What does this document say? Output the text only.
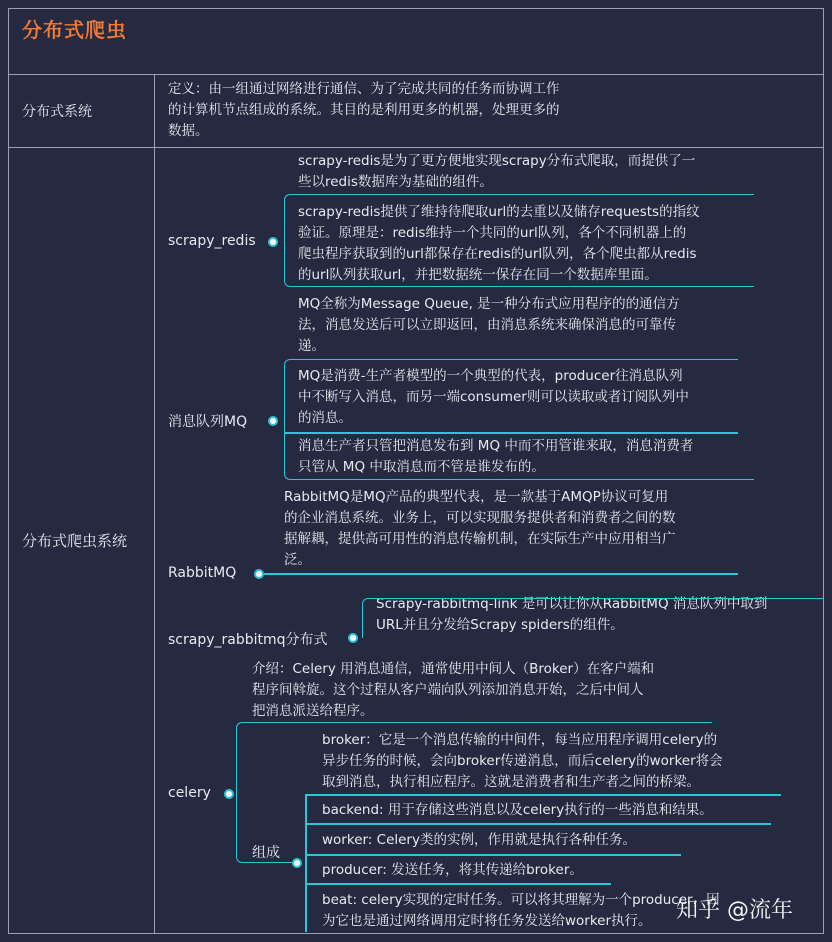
分布式爬虫
分布式系统
定义：由一组通过网络进行通信、为了完成共同的任务而协调工作
的计算机节点组成的系统。其目的是利用更多的机器，处理更多的
数据。
分布式爬虫系统
scrapy_redis
scrapy-redis是为了更方便地实现scrapy分布式爬取，而提供了一
些以redis数据库为基础的组件。
scrapy-redis提供了维持待爬取url的去重以及储存requests的指纹
验证。原理是：redis维持一个共同的url队列，各个不同机器上的
爬虫程序获取到的url都保存在redis的url队列，各个爬虫都从redis
的url队列获取url，并把数据统一保存在同一个数据库里面。
消息队列MQ
MQ全称为Message Queue, 是一种分布式应用程序的的通信方
法，消息发送后可以立即返回，由消息系统来确保消息的可靠传
递。
MQ是消费-生产者模型的一个典型的代表，producer往消息队列
中不断写入消息，而另一端consumer则可以读取或者订阅队列中
的消息。
消息生产者只管把消息发布到 MQ 中而不用管谁来取，消息消费者
只管从 MQ 中取消息而不管是谁发布的。
RabbitMQ是MQ产品的典型代表，是一款基于AMQP协议可复用
的企业消息系统。业务上，可以实现服务提供者和消费者之间的数
据解耦，提供高可用性的消息传输机制，在实际生产中应用相当广
泛。
RabbitMQ
Scrapy-rabbitmq-link 是可以让你从RabbitMQ 消息队列中取到
URL并且分发给Scrapy spiders的组件。
scrapy_rabbitmq分布式
介绍：Celery 用消息通信，通常使用中间人（Broker）在客户端和
程序间斡旋。这个过程从客户端向队列添加消息开始，之后中间人
把消息派送给程序。
celery
组成
broker：它是一个消息传输的中间件，每当应用程序调用celery的
异步任务的时候，会向broker传递消息，而后celery的worker将会
取到消息，执行相应程序。这就是消费者和生产者之间的桥梁。
backend: 用于存储这些消息以及celery执行的一些消息和结果。
worker: Celery类的实例，作用就是执行各种任务。
producer: 发送任务，将其传递给broker。
beat: celery实现的定时任务。可以将其理解为一个producer，因
为它也是通过网络调用定时将任务发送给worker执行。	知乎 @流年
